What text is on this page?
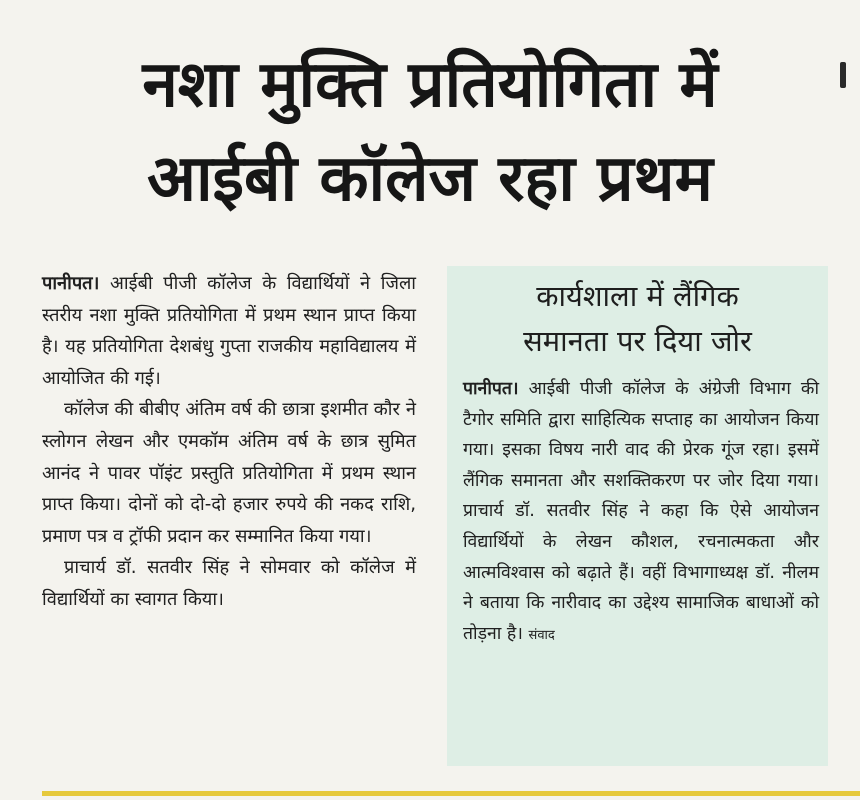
नशा मुक्ति प्रतियोगिता में
आईबी कॉलेज रहा प्रथम

पानीपत। आईबी पीजी कॉलेज के विद्यार्थियों ने जिला स्तरीय नशा मुक्ति प्रतियोगिता में प्रथम स्थान प्राप्त किया है। यह प्रतियोगिता देशबंधु गुप्ता राजकीय महाविद्यालय में आयोजित की गई।

कॉलेज की बीबीए अंतिम वर्ष की छात्रा इशमीत कौर ने स्लोगन लेखन और एमकॉम अंतिम वर्ष के छात्र सुमित आनंद ने पावर पॉइंट प्रस्तुति प्रतियोगिता में प्रथम स्थान प्राप्त किया। दोनों को दो-दो हजार रुपये की नकद राशि, प्रमाण पत्र व ट्रॉफी प्रदान कर सम्मानित किया गया।

प्राचार्य डॉ. सतवीर सिंह ने सोमवार को कॉलेज में विद्यार्थियों का स्वागत किया।

कार्यशाला में लैंगिक
समानता पर दिया जोर

पानीपत। आईबी पीजी कॉलेज के अंग्रेजी विभाग की टैगोर समिति द्वारा साहित्यिक सप्ताह का आयोजन किया गया। इसका विषय नारी वाद की प्रेरक गूंज रहा। इसमें लैंगिक समानता और सशक्तिकरण पर जोर दिया गया।प्राचार्य डॉ. सतवीर सिंह ने कहा कि ऐसे आयोजन विद्यार्थियों के लेखन कौशल, रचनात्मकता और आत्मविश्वास को बढ़ाते हैं। वहीं विभागाध्यक्ष डॉ. नीलम ने बताया कि नारीवाद का उद्देश्य सामाजिक बाधाओं को तोड़ना है। संवाद
